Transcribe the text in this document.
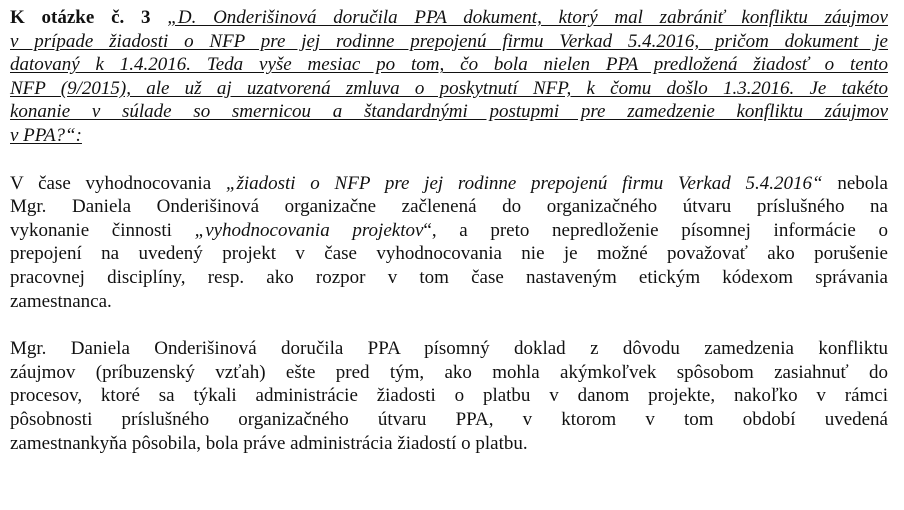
K otázke č. 3 „D. Onderišinová doručila PPA dokument, ktorý mal zabrániť konfliktu záujmov
v prípade žiadosti o NFP pre jej rodinne prepojenú firmu Verkad 5.4.2016, pričom dokument je
datovaný k 1.4.2016. Teda vyše mesiac po tom, čo bola nielen PPA predložená žiadosť o tento
NFP (9/2015), ale už aj uzatvorená zmluva o poskytnutí NFP, k čomu došlo 1.3.2016. Je takéto
konanie v súlade so smernicou a štandardnými postupmi pre zamedzenie konfliktu záujmov
v PPA?“:
V čase vyhodnocovania „žiadosti o NFP pre jej rodinne prepojenú firmu Verkad 5.4.2016“ nebola
Mgr. Daniela Onderišinová organizačne začlenená do organizačného útvaru príslušného na
vykonanie činnosti „vyhodnocovania projektov“, a preto nepredloženie písomnej informácie o
prepojení na uvedený projekt v čase vyhodnocovania nie je možné považovať ako porušenie
pracovnej disciplíny, resp. ako rozpor v tom čase nastaveným etickým kódexom správania
zamestnanca.
Mgr. Daniela Onderišinová doručila PPA písomný doklad z dôvodu zamedzenia konfliktu
záujmov (príbuzenský vzťah) ešte pred tým, ako mohla akýmkoľvek spôsobom zasiahnuť do
procesov, ktoré sa týkali administrácie žiadosti o platbu v danom projekte, nakoľko v rámci
pôsobnosti príslušného organizačného útvaru PPA, v ktorom v tom období uvedená
zamestnankyňa pôsobila, bola práve administrácia žiadostí o platbu.
